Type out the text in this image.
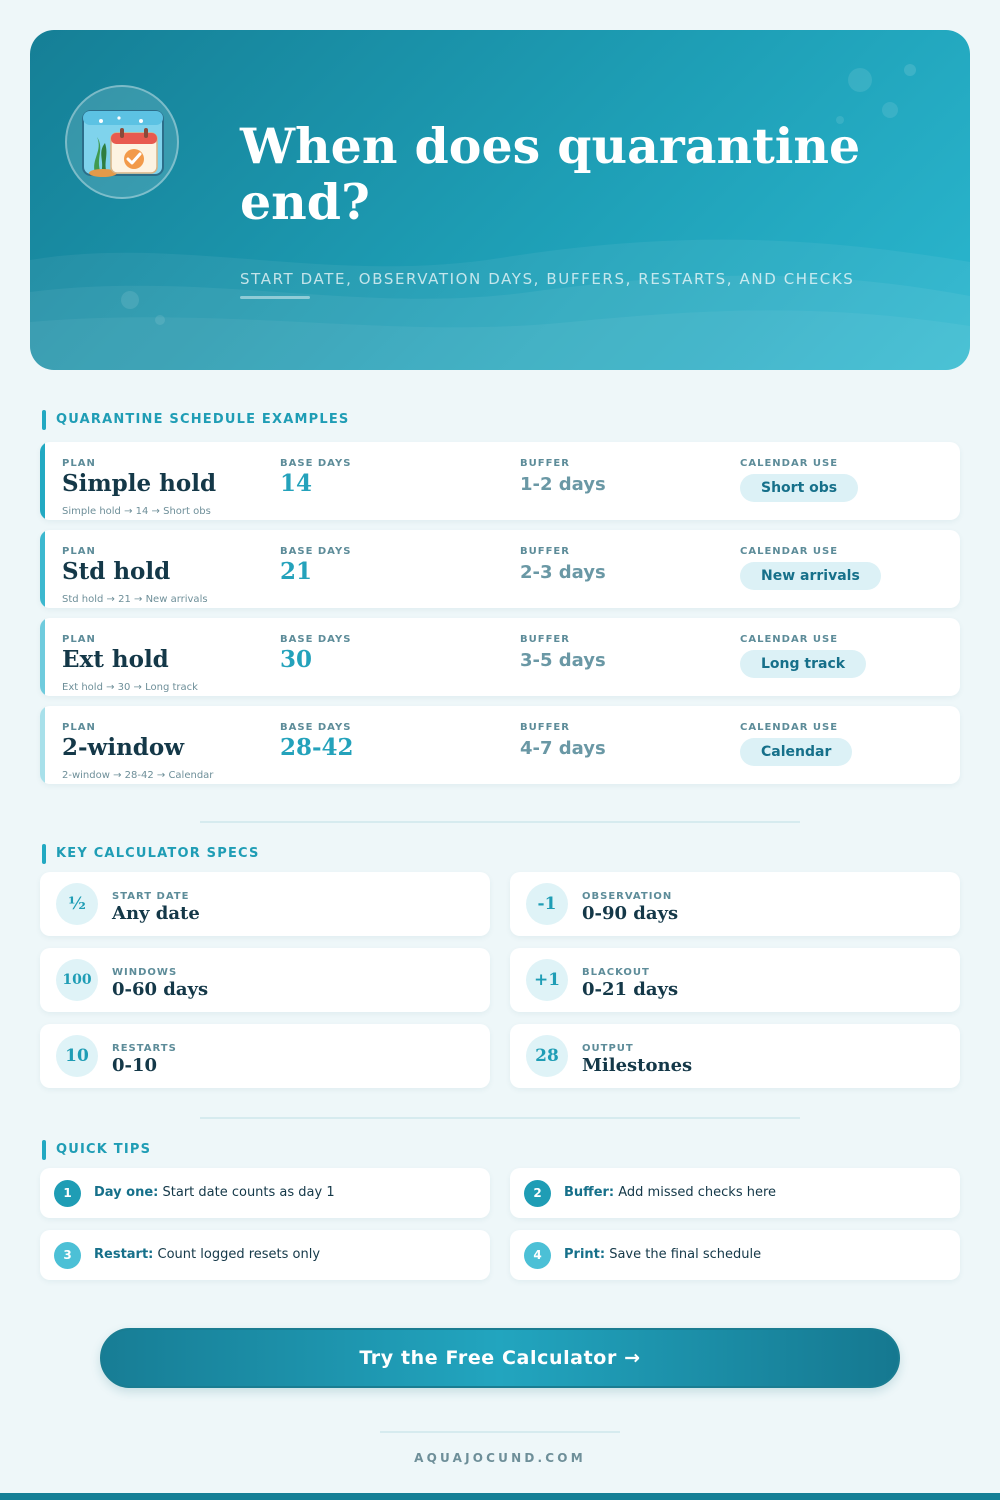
When does quarantine end?
START DATE, OBSERVATION DAYS, BUFFERS, RESTARTS, AND CHECKS
QUARANTINE SCHEDULE EXAMPLES
PLAN	BASE DAYS	BUFFER	CALENDAR USE
Simple hold	14	1-2 days	Short obs
Simple hold → 14 → Short obs
PLAN	BASE DAYS	BUFFER	CALENDAR USE
Std hold	21	2-3 days	New arrivals
Std hold → 21 → New arrivals
PLAN	BASE DAYS	BUFFER	CALENDAR USE
Ext hold	30	3-5 days	Long track
Ext hold → 30 → Long track
PLAN	BASE DAYS	BUFFER	CALENDAR USE
2-window	28-42	4-7 days	Calendar
2-window → 28-42 → Calendar
KEY CALCULATOR SPECS
½	START DATE
Any date	-1	OBSERVATION
0-90 days
100	WINDOWS
0-60 days	+1	BLACKOUT
0-21 days
10	RESTARTS
0-10	28	OUTPUT
Milestones
QUICK TIPS
1	Day one: Start date counts as day 1	2	Buffer: Add missed checks here
3	Restart: Count logged resets only	4	Print: Save the final schedule
Try the Free Calculator →
AQUAJOCUND.COM
